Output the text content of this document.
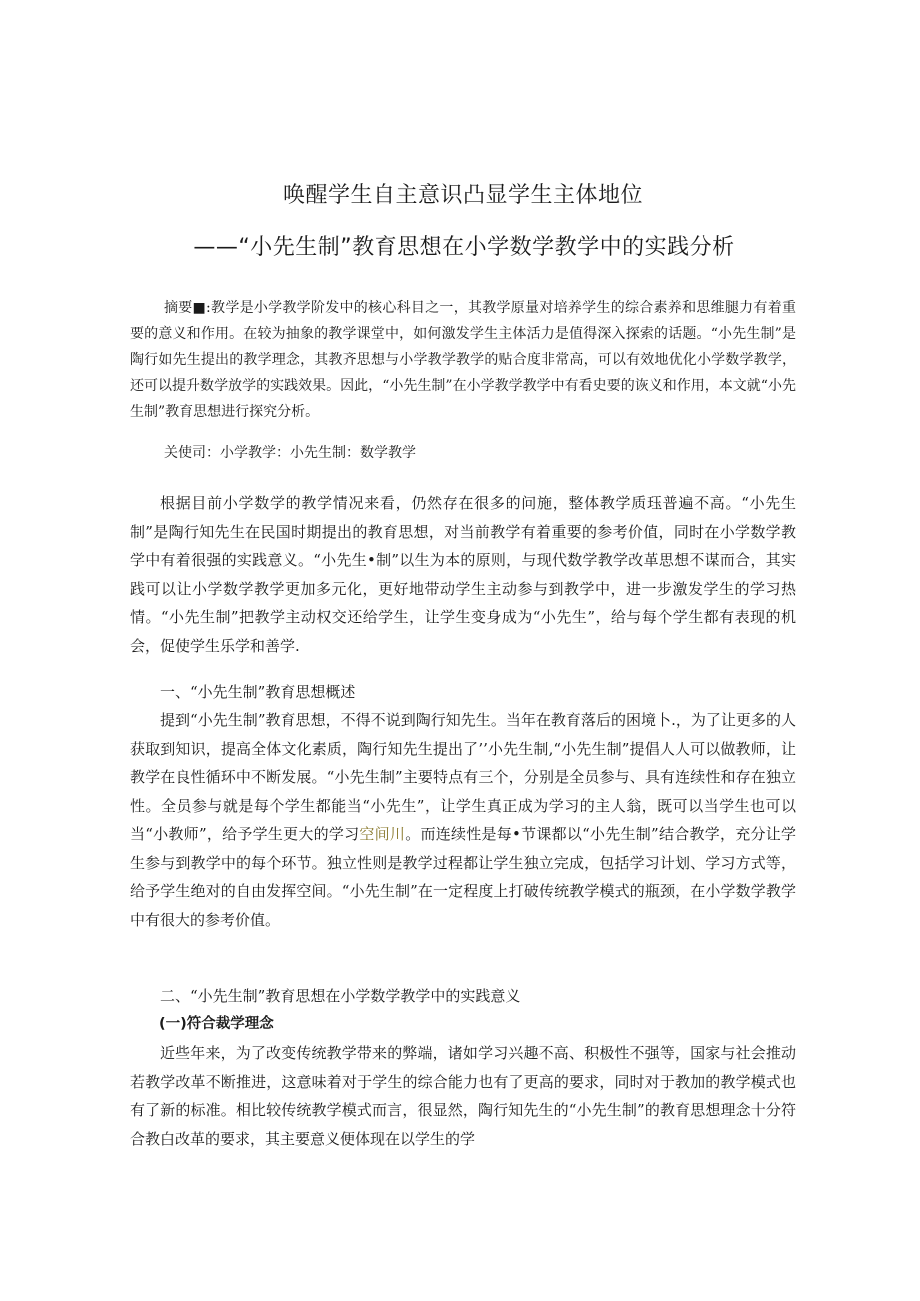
唤醒学生自主意识凸显学生主体地位
——“小先生制”教育思想在小学数学教学中的实践分析

摘要■:教学是小学教学阶发中的核心科目之一，其教学原量对培养学生的综合素养和思维腿力有着重要的意义和作用。在较为抽象的教学课堂中，如何激发学生主体活力是值得深入探索的话题。“小先生制”是陶行如先生提出的教学理念，其教齐思想与小学教学教学的贴合度非常高，可以有效地优化小学数学教学，还可以提升数学放学的实践效果。因此，“小先生制”在小学教学教学中有看史要的诙义和作用，本文就“小先生制”教育思想进行探究分析。

关使司：小学教学：小先生制：数学教学

根据目前小学数学的教学情况来看，仍然存在很多的问施，整体教学质珏普遍不高。“小先生制”是陶行知先生在民国时期提出的教育思想，对当前教学有着重要的参考价值，同时在小学数学教学中有着很强的实践意义。“小先生•制”以生为本的原则，与现代数学教学改革思想不谋而合，其实践可以让小学数学教学更加多元化，更好地带动学生主动参与到教学中，进一步激发学生的学习热情。“小先生制”把教学主动权交还给学生，让学生变身成为“小先生”，给与每个学生都有表现的机会，促使学生乐学和善学.

一、“小先生制”教育思想概述

提到“小先生制”教育思想，不得不说到陶行知先生。当年在教育落后的困境卜.，为了让更多的人获取到知识，提高全体文化素质，陶行知先生提出了’’小先生制,“小先生制”提倡人人可以做教师，让教学在良性循环中不断发展。“小先生制”主要特点有三个，分别是全员参与、具有连续性和存在独立性。全员参与就是每个学生都能当“小先生”，让学生真正成为学习的主人翁，既可以当学生也可以当“小教师”，给予学生更大的学习空间川。而连续性是每•节课都以“小先生制”结合教学，充分让学生参与到教学中的每个环节。独立性则是教学过程都让学生独立完成，包括学习计划、学习方式等，给予学生绝对的自由发挥空间。“小先生制”在一定程度上打破传统教学模式的瓶颈，在小学数学教学中有很大的参考价值。

二、“小先生制”教育思想在小学数学教学中的实践意义

(一)符合裁学理念

近些年来，为了改变传统教学带来的弊端，诸如学习兴趣不高、积极性不强等，国家与社会推动若教学改革不断推进，这意味着对于学生的综合能力也有了更高的要求，同时对于教加的教学模式也有了新的标准。相比较传统教学模式而言，很显然，陶行知先生的“小先生制”的教育思想理念十分符合教白改革的要求，其主要意义便体现在以学生的学
